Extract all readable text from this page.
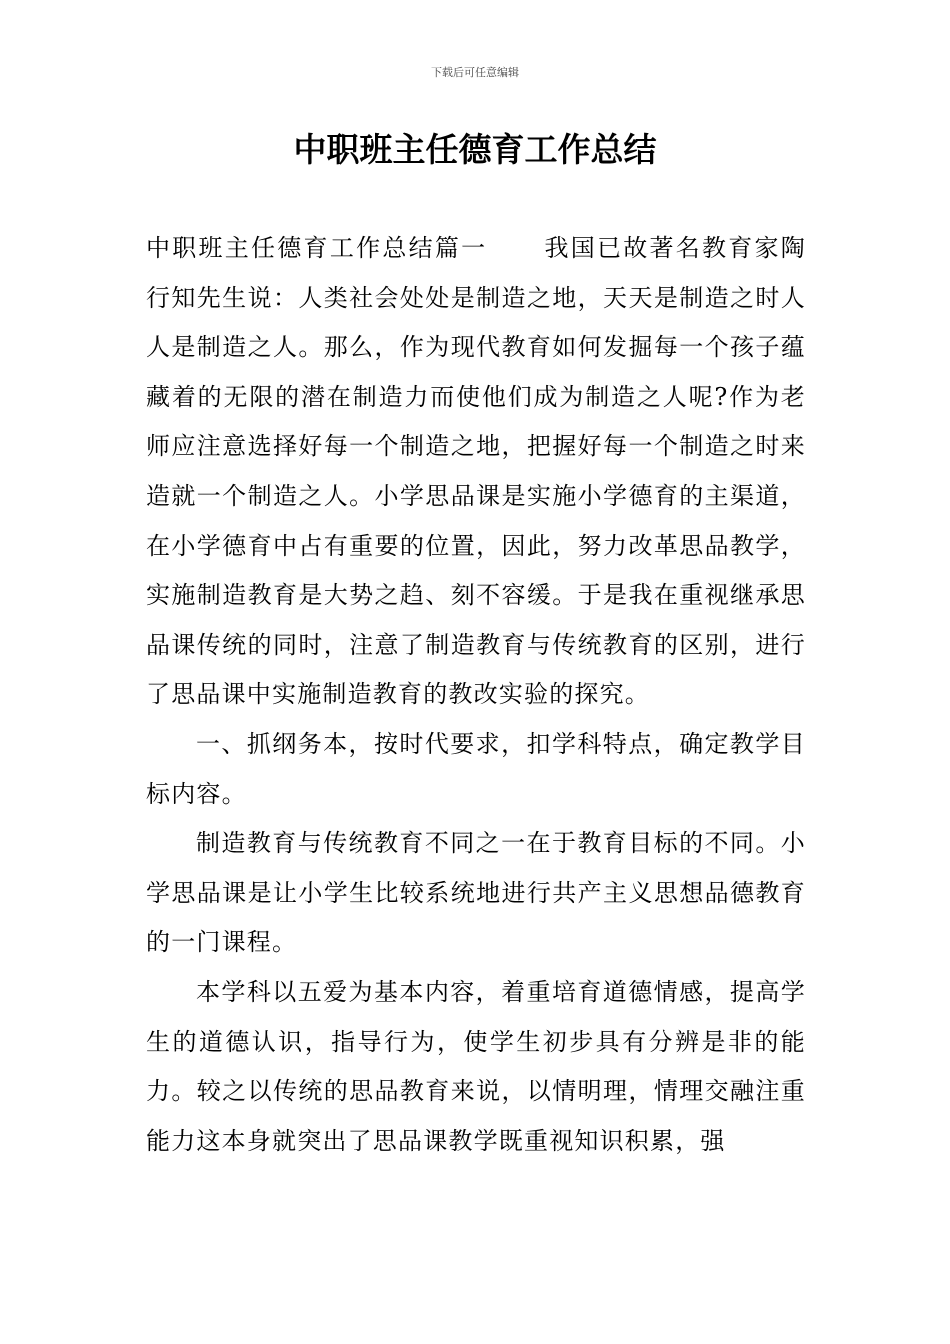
下载后可任意编辑
中职班主任德育工作总结

中职班主任德育工作总结篇一 我国已故著名教育家陶行知先生说：人类社会处处是制造之地，天天是制造之时人人是制造之人。那么，作为现代教育如何发掘每一个孩子蕴藏着的无限的潜在制造力而使他们成为制造之人呢?作为老师应注意选择好每一个制造之地，把握好每一个制造之时来造就一个制造之人。小学思品课是实施小学德育的主渠道，在小学德育中占有重要的位置，因此，努力改革思品教学，实施制造教育是大势之趋、刻不容缓。于是我在重视继承思品课传统的同时，注意了制造教育与传统教育的区别，进行了思品课中实施制造教育的教改实验的探究。

一、抓纲务本，按时代要求，扣学科特点，确定教学目标内容。

制造教育与传统教育不同之一在于教育目标的不同。小学思品课是让小学生比较系统地进行共产主义思想品德教育的一门课程。

本学科以五爱为基本内容，着重培育道德情感，提高学生的道德认识，指导行为，使学生初步具有分辨是非的能力。较之以传统的思品教育来说，以情明理，情理交融注重能力这本身就突出了思品课教学既重视知识积累，强
